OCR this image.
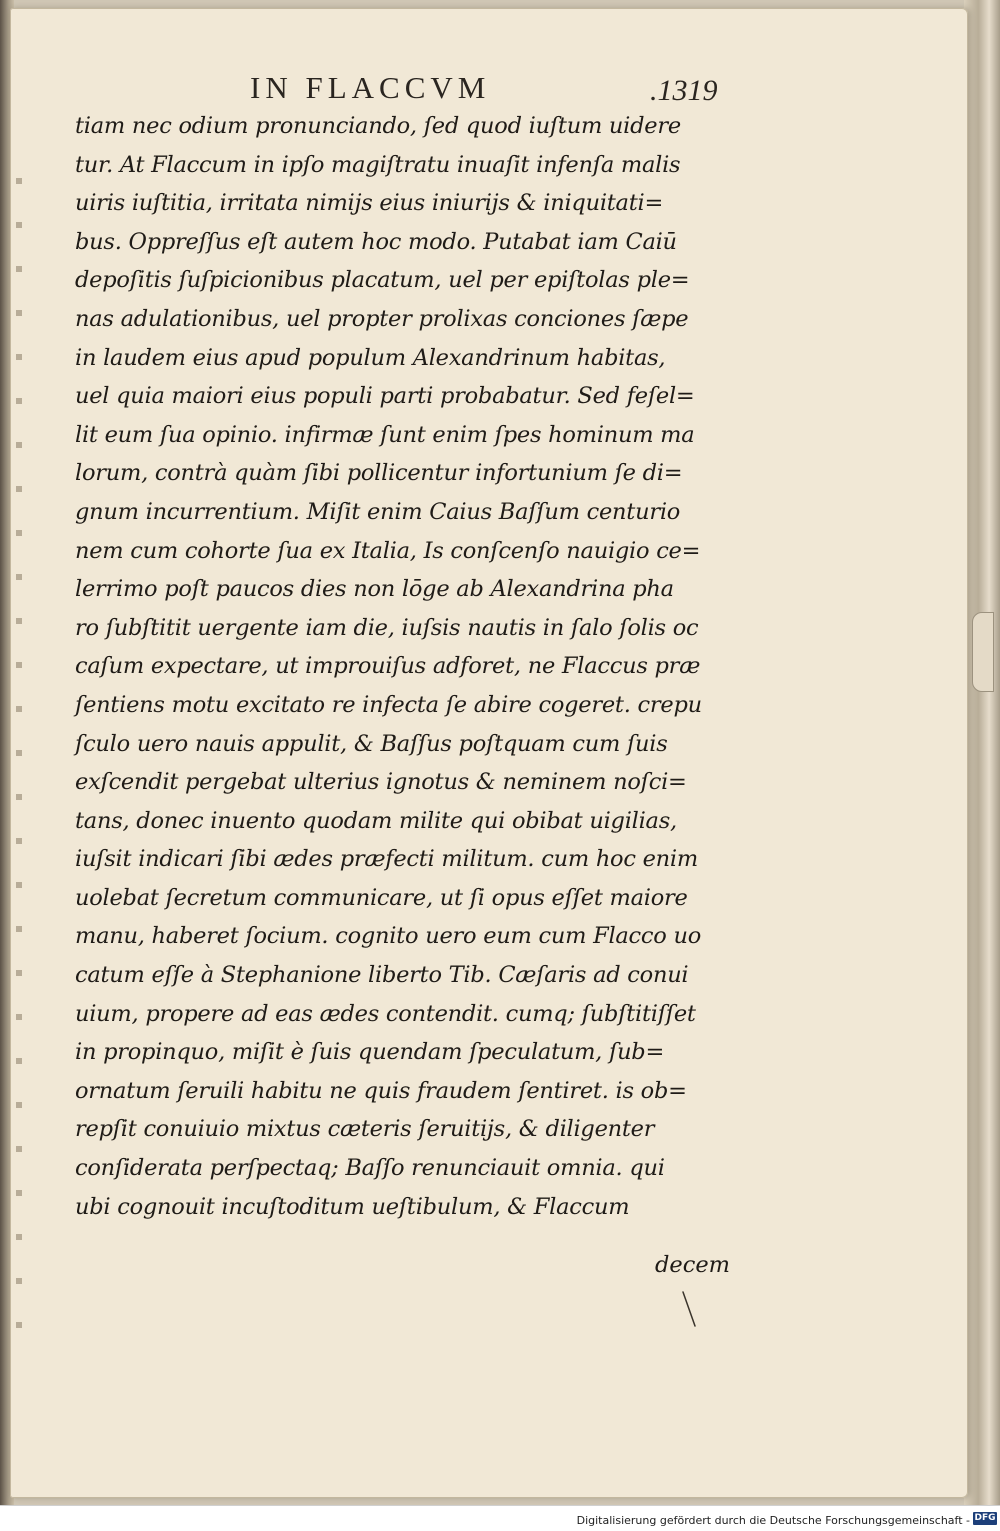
IN FLACCVM	.1319
tiam nec odium pronunciando, ſed quod iuſtum uidere
tur. At Flaccum in ipſo magiſtratu inuaſit infenſa malis
uiris iuſtitia, irritata nimijs eius iniurijs & iniquitati=
bus. Oppreſſus eſt autem hoc modo. Putabat iam Caiū
depoſitis ſuſpicionibus placatum, uel per epiſtolas ple=
nas adulationibus, uel propter prolixas conciones ſæpe
in laudem eius apud populum Alexandrinum habitas,
uel quia maiori eius populi parti probabatur. Sed feſel=
lit eum ſua opinio. infirmæ ſunt enim ſpes hominum ma
lorum, contrà quàm ſibi pollicentur infortunium ſe di=
gnum incurrentium. Miſit enim Caius Baſſum centurio
nem cum cohorte ſua ex Italia, Is conſcenſo nauigio ce=
lerrimo poſt paucos dies non lōge ab Alexandrina pha
ro ſubſtitit uergente iam die, iuſsis nautis in ſalo ſolis oc
caſum expectare, ut improuiſus adforet, ne Flaccus præ
ſentiens motu excitato re infecta ſe abire cogeret. crepu
ſculo uero nauis appulit, & Baſſus poſtquam cum ſuis
exſcendit pergebat ulterius ignotus & neminem noſci=
tans, donec inuento quodam milite qui obibat uigilias,
iuſsit indicari ſibi ædes præfecti militum. cum hoc enim
uolebat ſecretum communicare, ut ſi opus eſſet maiore
manu, haberet ſocium. cognito uero eum cum Flacco uo
catum eſſe à Stephanione liberto Tib. Cæſaris ad conui
uium, propere ad eas ædes contendit. cumq; ſubſtitiſſet
in propinquo, miſit è ſuis quendam ſpeculatum, ſub=
ornatum ſeruili habitu ne quis fraudem ſentiret. is ob=
repſit conuiuio mixtus cæteris ſeruitijs, & diligenter
conſiderata perſpectaq; Baſſo renunciauit omnia. qui
ubi cognouit incuſtoditum ueſtibulum, & Flaccum
decem
Digitalisierung gefördert durch die Deutsche Forschungsgemeinschaft - DFG
